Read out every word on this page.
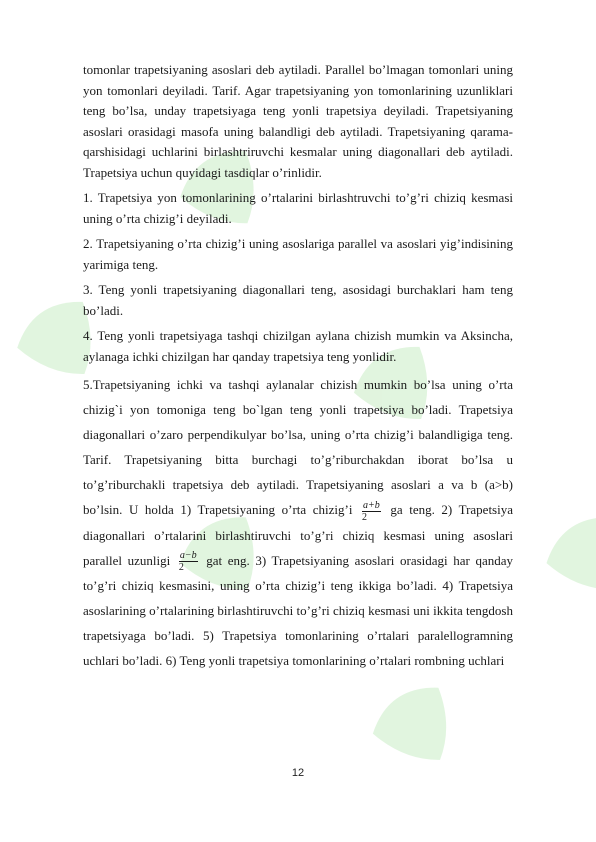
tomonlar trapetsiyaning asoslari deb aytiladi. Parallel bo’lmagan tomonlari uning yon tomonlari deyiladi. Tarif. Agar trapetsiyaning yon tomonlarining uzunliklari teng bo’lsa, unday trapetsiyaga teng yonli trapetsiya deyiladi. Trapetsiyaning asoslari orasidagi masofa uning balandligi deb aytiladi. Trapetsiyaning qarama-qarshisidagi uchlarini birlashtriruvchi kesmalar uning diagonallari deb aytiladi. Trapetsiya uchun quyidagi tasdiqlar o’rinlidir.

1. Trapetsiya yon tomonlarining o’rtalarini birlashtruvchi to’g’ri chiziq kesmasi uning o’rta chizig’i deyiladi.

2. Trapetsiyaning o’rta chizig’i uning asoslariga parallel va asoslari yig’indisining yarimiga teng.

3. Teng yonli trapetsiyaning diagonallari teng, asosidagi burchaklari ham teng bo’ladi.

4. Teng yonli trapetsiyaga tashqi chizilgan aylana chizish mumkin va Aksincha, aylanaga ichki chizilgan har qanday trapetsiya teng yonlidir.

5.Trapetsiyaning ichki va tashqi aylanalar chizish mumkin bo’lsa uning o’rta chizig`i yon tomoniga teng bo`lgan teng yonli trapetsiya bo’ladi. Trapetsiya diagonallari o’zaro perpendikulyar bo’lsa, uning o’rta chizig’i balandligiga teng. Tarif. Trapetsiyaning bitta burchagi to’g’riburchakdan iborat bo’lsa u to’g’riburchakli trapetsiya deb aytiladi. Trapetsiyaning asoslari a va b (a>b) bo’lsin. U holda 1) Trapetsiyaning o’rta chizig’i $\frac{a+b}{2}$ ga teng. 2) Trapetsiya diagonallari o’rtalarini birlashtiruvchi to’g’ri chiziq kesmasi uning asoslari parallel uzunligi $\frac{a-b}{2}$ gat eng. 3) Trapetsiyaning asoslari orasidagi har qanday to’g’ri chiziq kesmasini, uning o’rta chizig’i teng ikkiga bo’ladi. 4) Trapetsiya asoslarining o’rtalarining birlashtiruvchi to’g’ri chiziq kesmasi uni ikkita tengdosh trapetsiyaga bo’ladi. 5) Trapetsiya tomonlarining o’rtalari paralellogramning uchlari bo’ladi. 6) Teng yonli trapetsiya tomonlarining o’rtalari rombning uchlari

12
